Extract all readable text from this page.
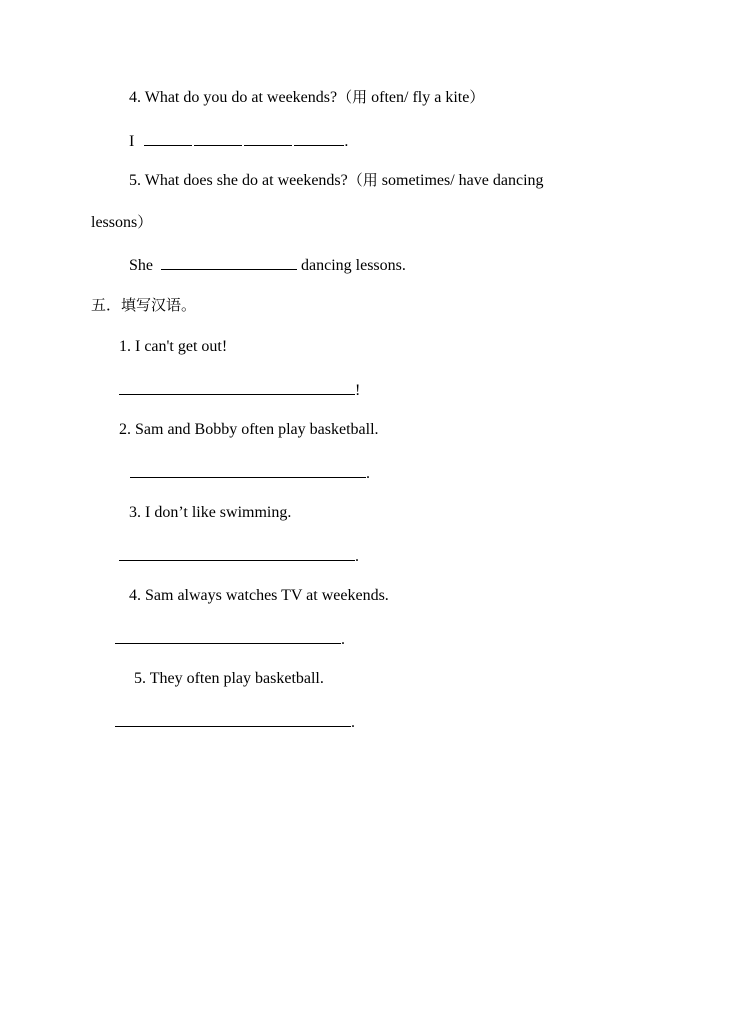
4. What do you do at weekends?（用 often/ fly a kite）
I	.
5. What does she do at weekends?（用 sometimes/ have dancing
lessons）
She	dancing lessons.
五．填写汉语。
1. I can't get out!
!
2. Sam and Bobby often play basketball.
.
3. I don’t like swimming.
.
4. Sam always watches TV at weekends.
.
5. They often play basketball.
.
